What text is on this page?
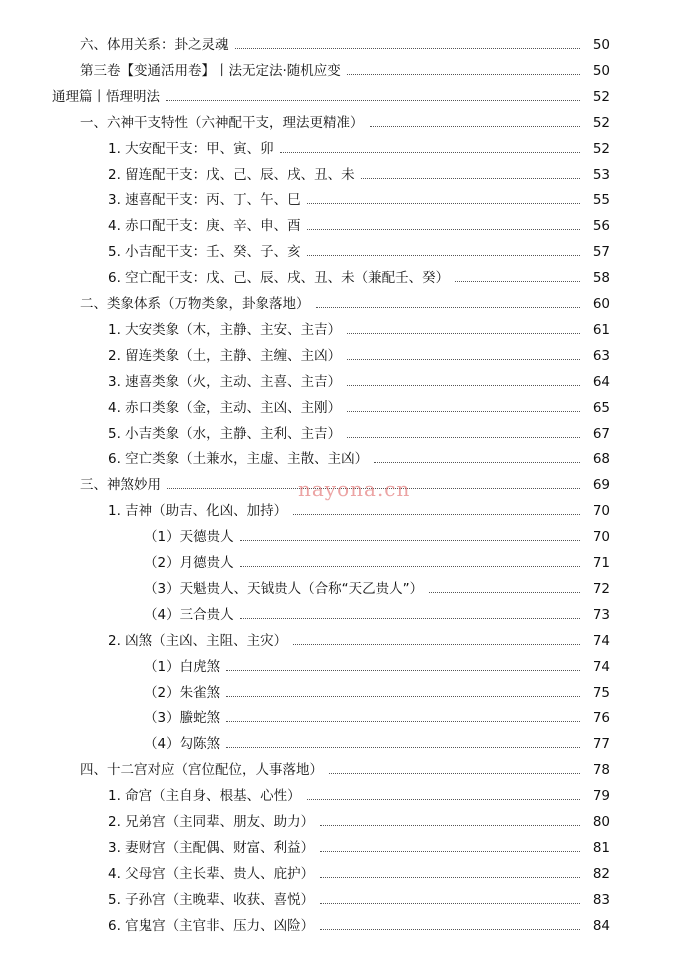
六、体用关系：卦之灵魂	50
第三卷【变通活用卷】丨法无定法·随机应变	50
通理篇丨悟理明法	52
一、六神干支特性（六神配干支，理法更精准）	52
1. 大安配干支：甲、寅、卯	52
2. 留连配干支：戊、己、辰、戌、丑、未	53
3. 速喜配干支：丙、丁、午、巳	55
4. 赤口配干支：庚、辛、申、酉	56
5. 小吉配干支：壬、癸、子、亥	57
6. 空亡配干支：戊、己、辰、戌、丑、未（兼配壬、癸）	58
二、类象体系（万物类象，卦象落地）	60
1. 大安类象（木，主静、主安、主吉）	61
2. 留连类象（土，主静、主缠、主凶）	63
3. 速喜类象（火，主动、主喜、主吉）	64
4. 赤口类象（金，主动、主凶、主刚）	65
5. 小吉类象（水，主静、主利、主吉）	67
6. 空亡类象（土兼水，主虚、主散、主凶）	68
三、神煞妙用	69
1. 吉神（助吉、化凶、加持）	70
（1）天德贵人	70
（2）月德贵人	71
（3）天魁贵人、天钺贵人（合称“天乙贵人”）	72
（4）三合贵人	73
2. 凶煞（主凶、主阻、主灾）	74
（1）白虎煞	74
（2）朱雀煞	75
（3）螣蛇煞	76
（4）勾陈煞	77
四、十二宫对应（宫位配位，人事落地）	78
1. 命宫（主自身、根基、心性）	79
2. 兄弟宫（主同辈、朋友、助力）	80
3. 妻财宫（主配偶、财富、利益）	81
4. 父母宫（主长辈、贵人、庇护）	82
5. 子孙宫（主晚辈、收获、喜悦）	83
6. 官鬼宫（主官非、压力、凶险）	84
nayona.cn
